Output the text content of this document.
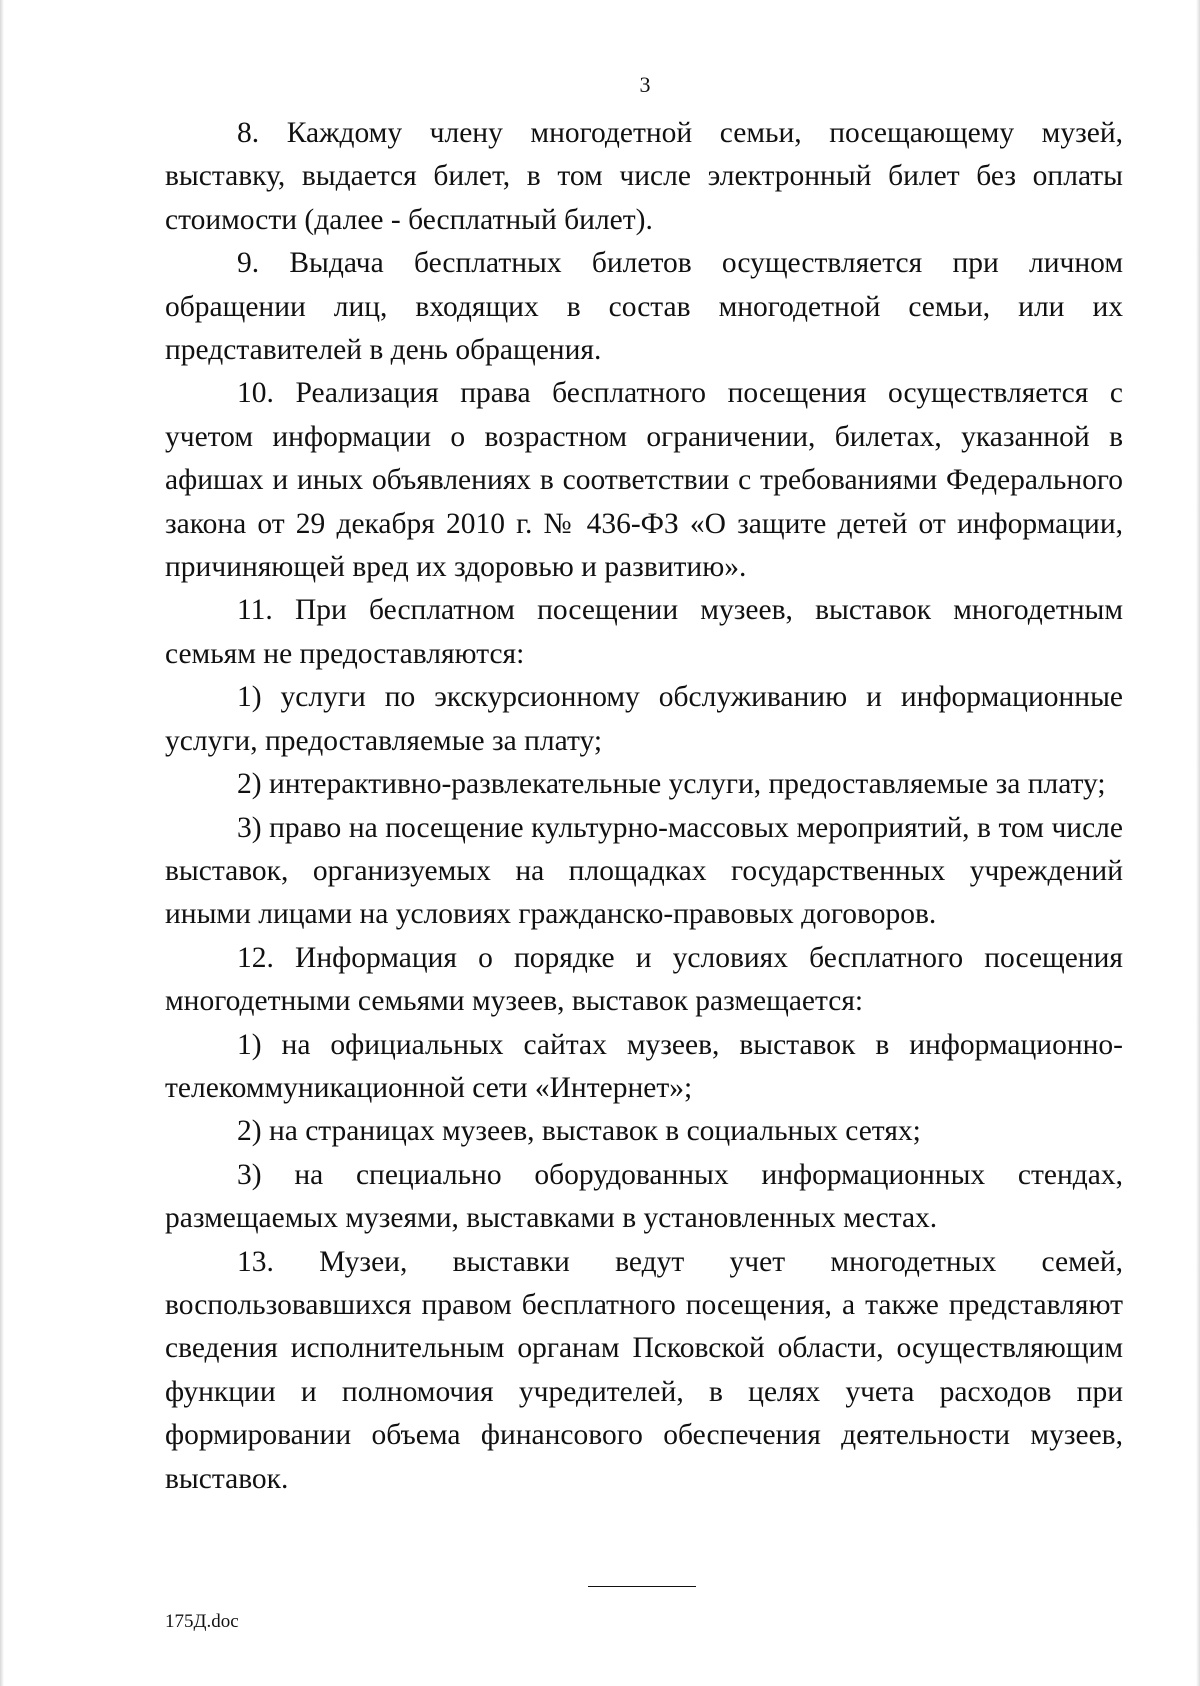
3

8. Каждому члену многодетной семьи, посещающему музей, выставку, выдается билет, в том числе электронный билет без оплаты стоимости (далее - бесплатный билет).

9. Выдача бесплатных билетов осуществляется при личном обращении лиц, входящих в состав многодетной семьи, или их представителей в день обращения.

10. Реализация права бесплатного посещения осуществляется с учетом информации о возрастном ограничении, билетах, указанной в афишах и иных объявлениях в соответствии с требованиями Федерального закона от 29 декабря 2010 г. № 436-ФЗ «О защите детей от информации, причиняющей вред их здоровью и развитию».

11. При бесплатном посещении музеев, выставок многодетным семьям не предоставляются:

1) услуги по экскурсионному обслуживанию и информационные услуги, предоставляемые за плату;

2) интерактивно-развлекательные услуги, предоставляемые за плату;

3) право на посещение культурно-массовых мероприятий, в том числе выставок, организуемых на площадках государственных учреждений иными лицами на условиях гражданско-правовых договоров.

12. Информация о порядке и условиях бесплатного посещения многодетными семьями музеев, выставок размещается:

1) на официальных сайтах музеев, выставок в информационно-телекоммуникационной сети «Интернет»;

2) на страницах музеев, выставок в социальных сетях;

3) на специально оборудованных информационных стендах, размещаемых музеями, выставками в установленных местах.

13. Музеи, выставки ведут учет многодетных семей, воспользовавшихся правом бесплатного посещения, а также представляют сведения исполнительным органам Псковской области, осуществляющим функции и полномочия учредителей, в целях учета расходов при формировании объема финансового обеспечения деятельности музеев, выставок.

175Д.doc
